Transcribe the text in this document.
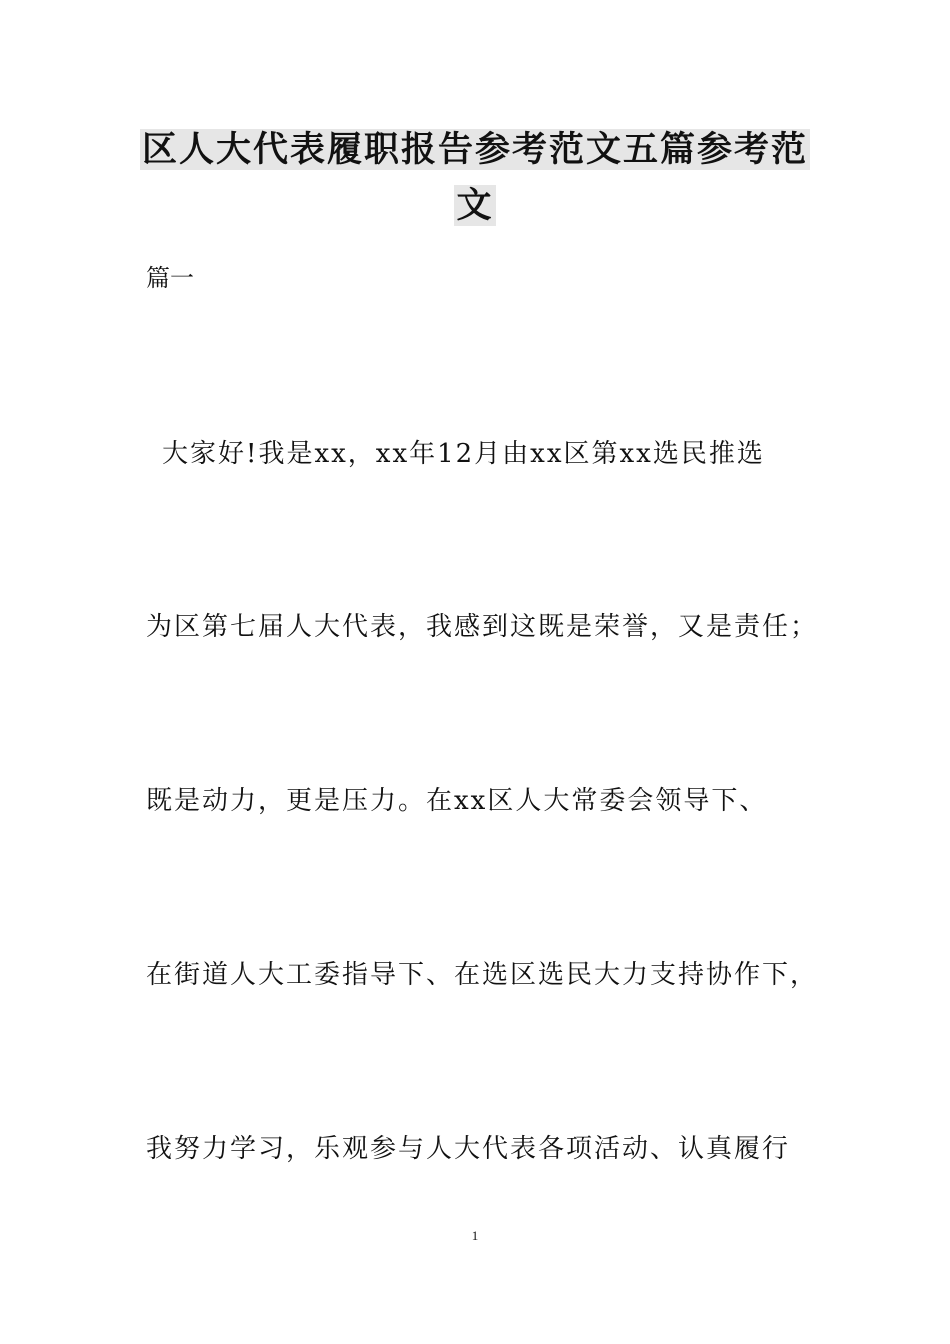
区人大代表履职报告参考范文五篇参考范
文
篇一
大家好!我是xx，xx年12月由xx区第xx选民推选
为区第七届人大代表，我感到这既是荣誉，又是责任；
既是动力，更是压力。在xx区人大常委会领导下、
在街道人大工委指导下、在选区选民大力支持协作下，
我努力学习，乐观参与人大代表各项活动、认真履行
1
